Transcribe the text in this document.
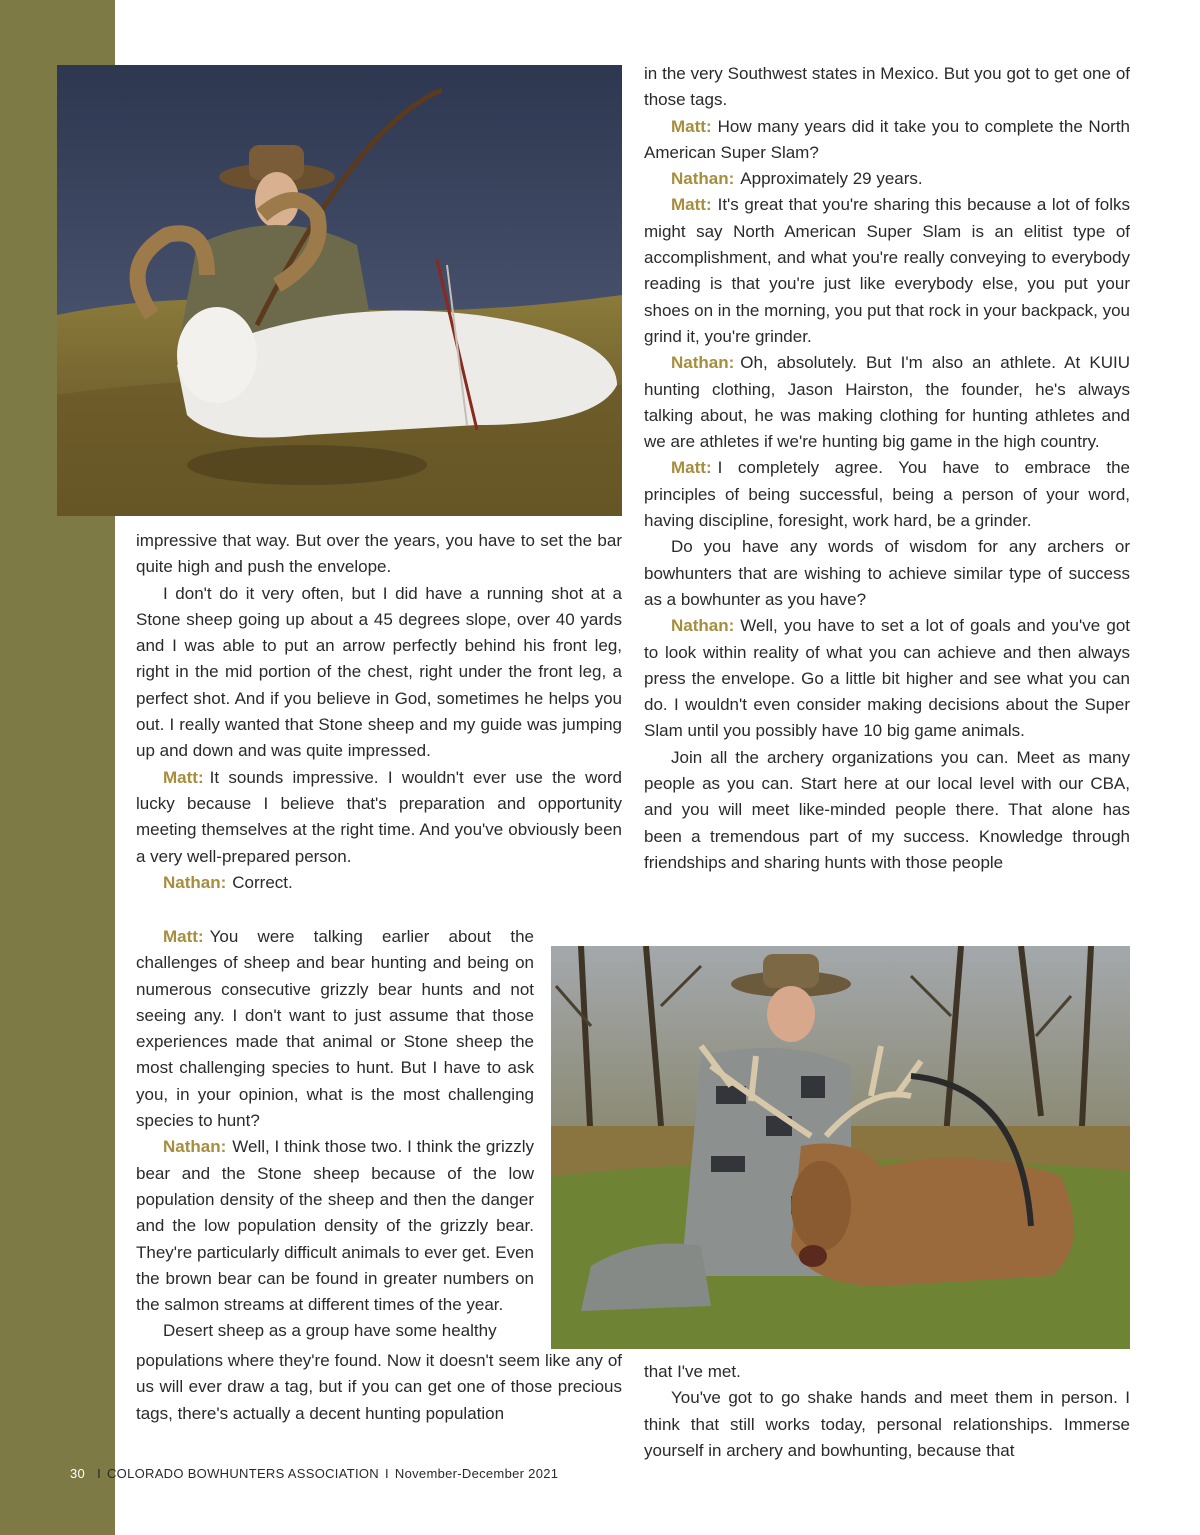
impressive that way. But over the years, you have to set the bar quite high and push the envelope.

I don't do it very often, but I did have a running shot at a Stone sheep going up about a 45 degrees slope, over 40 yards and I was able to put an arrow perfectly behind his front leg, right in the mid portion of the chest, right under the front leg, a perfect shot. And if you believe in God, sometimes he helps you out. I really wanted that Stone sheep and my guide was jumping up and down and was quite impressed.

Matt: It sounds impressive. I wouldn't ever use the word lucky because I believe that's preparation and opportunity meeting themselves at the right time. And you've obviously been a very well-prepared person.

Nathan: Correct.

Matt: You were talking earlier about the challenges of sheep and bear hunting and being on numerous consecutive grizzly bear hunts and not seeing any. I don't want to just assume that those experiences made that animal or Stone sheep the most challenging species to hunt. But I have to ask you, in your opinion, what is the most challenging species to hunt?

Nathan: Well, I think those two. I think the grizzly bear and the Stone sheep because of the low population density of the sheep and then the danger and the low population density of the grizzly bear. They're particularly difficult animals to ever get. Even the brown bear can be found in greater numbers on the salmon streams at different times of the year.

Desert sheep as a group have some healthy

populations where they're found. Now it doesn't seem like any of us will ever draw a tag, but if you can get one of those precious tags, there's actually a decent hunting population

in the very Southwest states in Mexico. But you got to get one of those tags.

Matt: How many years did it take you to complete the North American Super Slam?

Nathan: Approximately 29 years.

Matt: It's great that you're sharing this because a lot of folks might say North American Super Slam is an elitist type of accomplishment, and what you're really conveying to everybody reading is that you're just like everybody else, you put your shoes on in the morning, you put that rock in your backpack, you grind it, you're grinder.

Nathan: Oh, absolutely. But I'm also an athlete. At KUIU hunting clothing, Jason Hairston, the founder, he's always talking about, he was making clothing for hunting athletes and we are athletes if we're hunting big game in the high country.

Matt: I completely agree. You have to embrace the principles of being successful, being a person of your word, having discipline, foresight, work hard, be a grinder.

Do you have any words of wisdom for any archers or bowhunters that are wishing to achieve similar type of success as a bowhunter as you have?

Nathan: Well, you have to set a lot of goals and you've got to look within reality of what you can achieve and then always press the envelope. Go a little bit higher and see what you can do. I wouldn't even consider making decisions about the Super Slam until you possibly have 10 big game animals.

Join all the archery organizations you can. Meet as many people as you can. Start here at our local level with our CBA, and you will meet like-minded people there. That alone has been a tremendous part of my success. Knowledge through friendships and sharing hunts with those people

that I've met.

You've got to go shake hands and meet them in person. I think that still works today, personal relationships. Immerse yourself in archery and bowhunting, because that

30 I COLORADO BOWHUNTERS ASSOCIATION I November-December 2021
